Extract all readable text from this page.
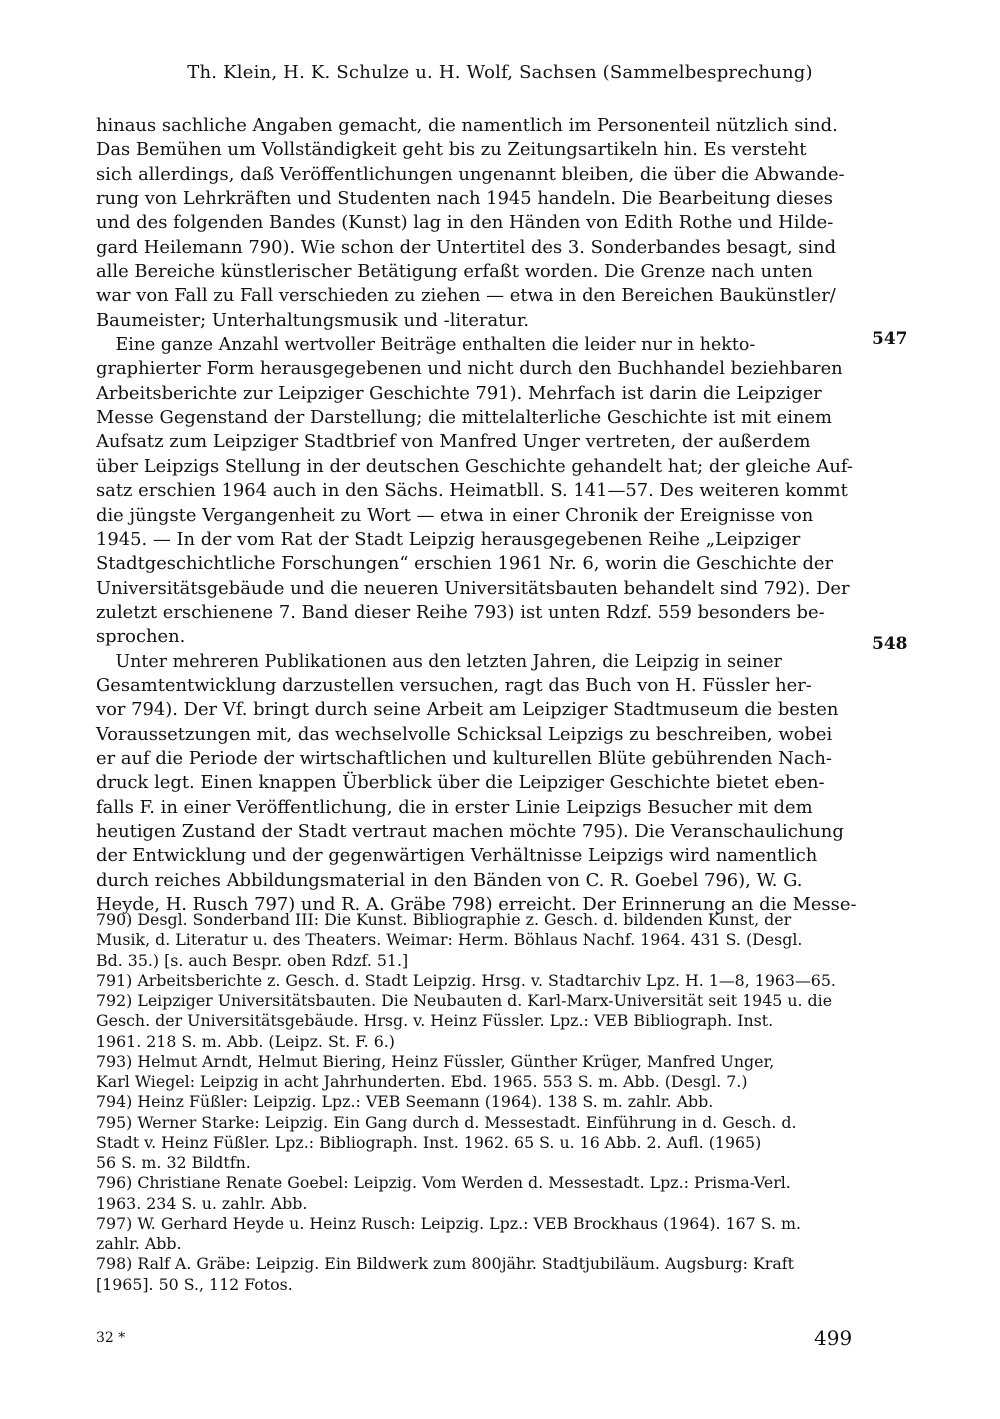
Th. Klein, H. K. Schulze u. H. Wolf, Sachsen (Sammelbesprechung)

hinaus sachliche Angaben gemacht, die namentlich im Personenteil nützlich sind.
Das Bemühen um Vollständigkeit geht bis zu Zeitungsartikeln hin. Es versteht
sich allerdings, daß Veröffentlichungen ungenannt bleiben, die über die Abwande-
rung von Lehrkräften und Studenten nach 1945 handeln. Die Bearbeitung dieses
und des folgenden Bandes (Kunst) lag in den Händen von Edith Rothe und Hilde-
gard Heilemann 790). Wie schon der Untertitel des 3. Sonderbandes besagt, sind
alle Bereiche künstlerischer Betätigung erfaßt worden. Die Grenze nach unten
war von Fall zu Fall verschieden zu ziehen — etwa in den Bereichen Baukünstler/
Baumeister; Unterhaltungsmusik und -literatur.

Eine ganze Anzahl wertvoller Beiträge enthalten die leider nur in hekto-
graphierter Form herausgegebenen und nicht durch den Buchhandel beziehbaren
Arbeitsberichte zur Leipziger Geschichte 791). Mehrfach ist darin die Leipziger
Messe Gegenstand der Darstellung; die mittelalterliche Geschichte ist mit einem
Aufsatz zum Leipziger Stadtbrief von Manfred Unger vertreten, der außerdem
über Leipzigs Stellung in der deutschen Geschichte gehandelt hat; der gleiche Auf-
satz erschien 1964 auch in den Sächs. Heimatbll. S. 141—57. Des weiteren kommt
die jüngste Vergangenheit zu Wort — etwa in einer Chronik der Ereignisse von
1945. — In der vom Rat der Stadt Leipzig herausgegebenen Reihe „Leipziger
Stadtgeschichtliche Forschungen“ erschien 1961 Nr. 6, worin die Geschichte der
Universitätsgebäude und die neueren Universitätsbauten behandelt sind 792). Der
zuletzt erschienene 7. Band dieser Reihe 793) ist unten Rdzf. 559 besonders be-
sprochen.

Unter mehreren Publikationen aus den letzten Jahren, die Leipzig in seiner
Gesamtentwicklung darzustellen versuchen, ragt das Buch von H. Füssler her-
vor 794). Der Vf. bringt durch seine Arbeit am Leipziger Stadtmuseum die besten
Voraussetzungen mit, das wechselvolle Schicksal Leipzigs zu beschreiben, wobei
er auf die Periode der wirtschaftlichen und kulturellen Blüte gebührenden Nach-
druck legt. Einen knappen Überblick über die Leipziger Geschichte bietet eben-
falls F. in einer Veröffentlichung, die in erster Linie Leipzigs Besucher mit dem
heutigen Zustand der Stadt vertraut machen möchte 795). Die Veranschaulichung
der Entwicklung und der gegenwärtigen Verhältnisse Leipzigs wird namentlich
durch reiches Abbildungsmaterial in den Bänden von C. R. Goebel 796), W. G.
Heyde, H. Rusch 797) und R. A. Gräbe 798) erreicht. Der Erinnerung an die Messe-

547
548
790) Desgl. Sonderband III: Die Kunst. Bibliographie z. Gesch. d. bildenden Kunst, der
Musik, d. Literatur u. des Theaters. Weimar: Herm. Böhlaus Nachf. 1964. 431 S. (Desgl.
Bd. 35.) [s. auch Bespr. oben Rdzf. 51.]
791) Arbeitsberichte z. Gesch. d. Stadt Leipzig. Hrsg. v. Stadtarchiv Lpz. H. 1—8, 1963—65.
792) Leipziger Universitätsbauten. Die Neubauten d. Karl-Marx-Universität seit 1945 u. die
Gesch. der Universitätsgebäude. Hrsg. v. Heinz Füssler. Lpz.: VEB Bibliograph. Inst.
1961. 218 S. m. Abb. (Leipz. St. F. 6.)
793) Helmut Arndt, Helmut Biering, Heinz Füssler, Günther Krüger, Manfred Unger,
Karl Wiegel: Leipzig in acht Jahrhunderten. Ebd. 1965. 553 S. m. Abb. (Desgl. 7.)
794) Heinz Füßler: Leipzig. Lpz.: VEB Seemann (1964). 138 S. m. zahlr. Abb.
795) Werner Starke: Leipzig. Ein Gang durch d. Messestadt. Einführung in d. Gesch. d.
Stadt v. Heinz Füßler. Lpz.: Bibliograph. Inst. 1962. 65 S. u. 16 Abb. 2. Aufl. (1965)
56 S. m. 32 Bildtfn.
796) Christiane Renate Goebel: Leipzig. Vom Werden d. Messestadt. Lpz.: Prisma-Verl.
1963. 234 S. u. zahlr. Abb.
797) W. Gerhard Heyde u. Heinz Rusch: Leipzig. Lpz.: VEB Brockhaus (1964). 167 S. m.
zahlr. Abb.
798) Ralf A. Gräbe: Leipzig. Ein Bildwerk zum 800jähr. Stadtjubiläum. Augsburg: Kraft
[1965]. 50 S., 112 Fotos.
32 *	499
